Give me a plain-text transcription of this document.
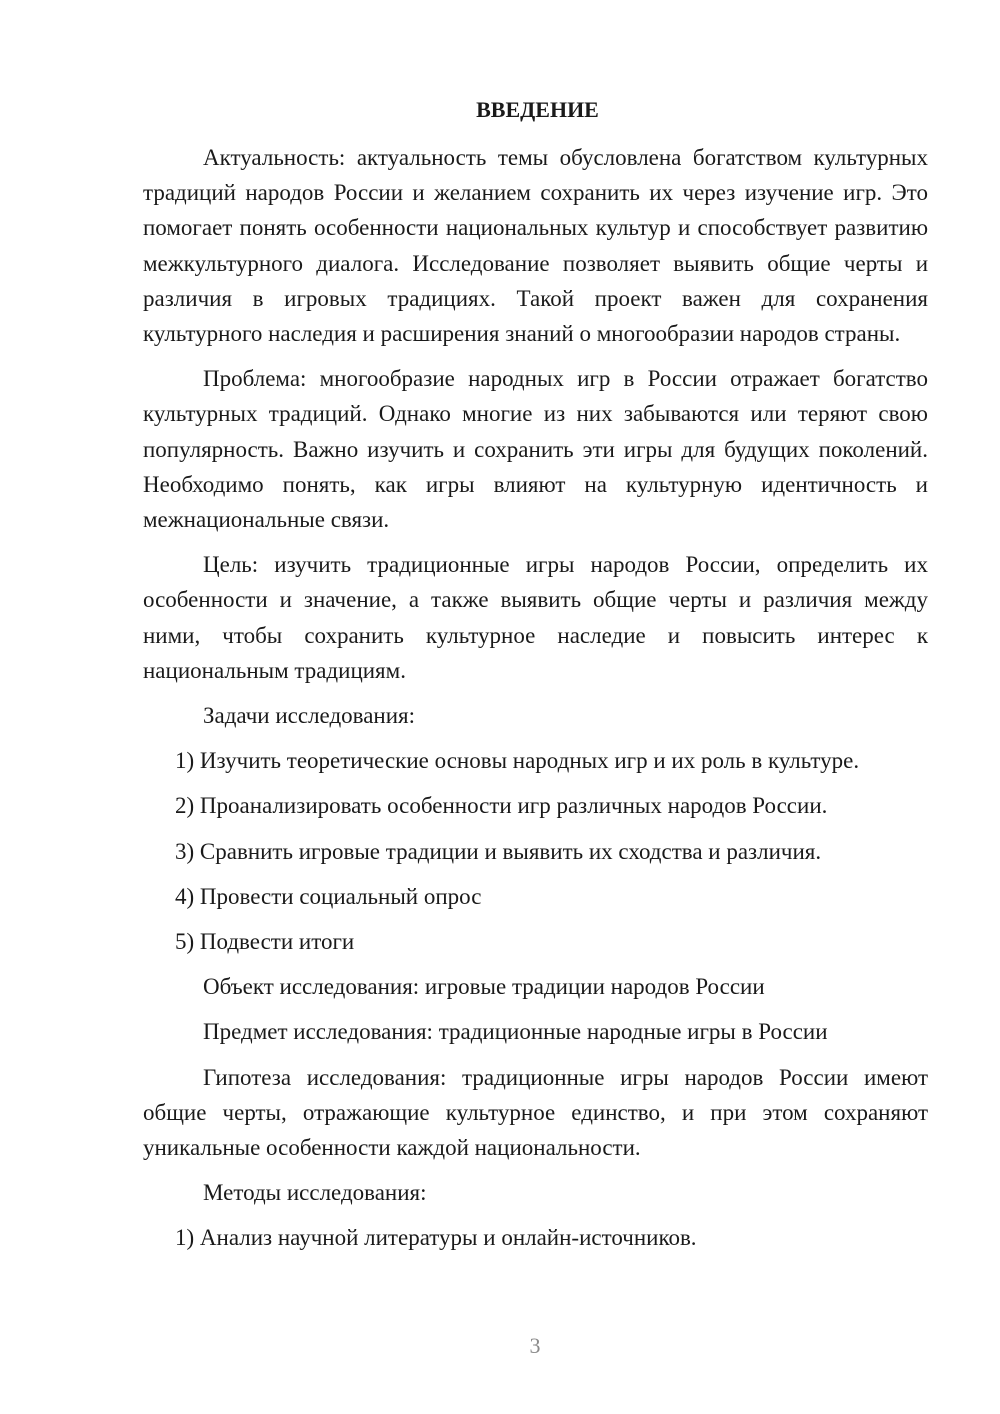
ВВЕДЕНИЕ

Актуальность: актуальность темы обусловлена богатством культурных традиций народов России и желанием сохранить их через изучение игр. Это помогает понять особенности национальных культур и способствует развитию межкультурного диалога. Исследование позволяет выявить общие черты и различия в игровых традициях. Такой проект важен для сохранения культурного наследия и расширения знаний о многообразии народов страны.

Проблема: многообразие народных игр в России отражает богатство культурных традиций. Однако многие из них забываются или теряют свою популярность. Важно изучить и сохранить эти игры для будущих поколений. Необходимо понять, как игры влияют на культурную идентичность и межнациональные связи.

Цель: изучить традиционные игры народов России, определить их особенности и значение, а также выявить общие черты и различия между ними, чтобы сохранить культурное наследие и повысить интерес к национальным традициям.

Задачи исследования:

1) Изучить теоретические основы народных игр и их роль в культуре.

2) Проанализировать особенности игр различных народов России.

3) Сравнить игровые традиции и выявить их сходства и различия.

4) Провести социальный опрос

5) Подвести итоги

Объект исследования: игровые традиции народов России

Предмет исследования: традиционные народные игры в России

Гипотеза исследования: традиционные игры народов России имеют общие черты, отражающие культурное единство, и при этом сохраняют уникальные особенности каждой национальности.

Методы исследования:

1) Анализ научной литературы и онлайн-источников.

3
